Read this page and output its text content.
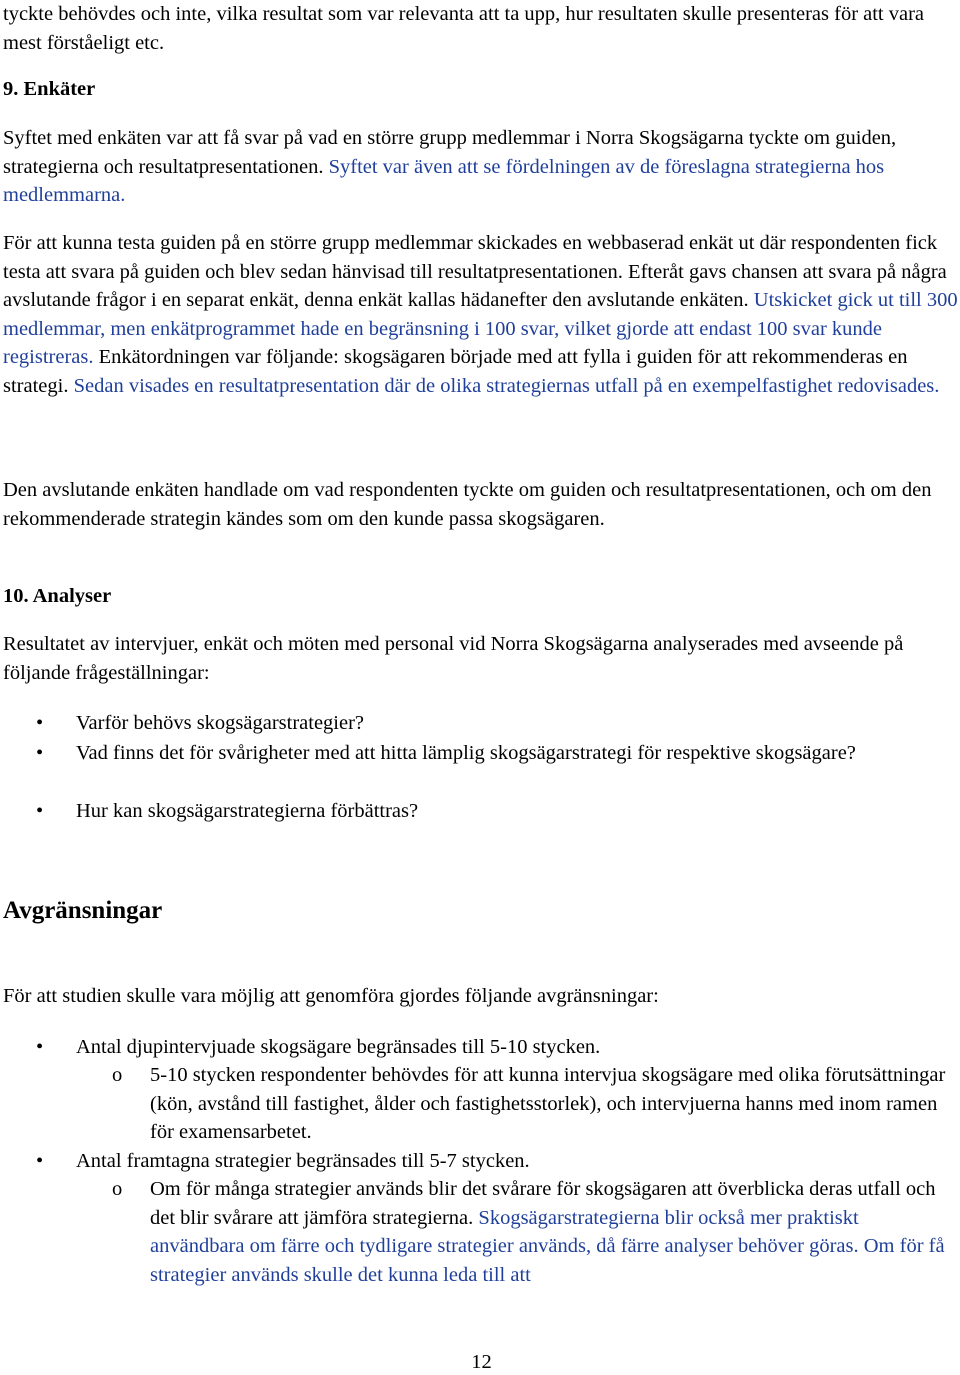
tyckte behövdes och inte, vilka resultat som var relevanta att ta upp, hur resultaten skulle presenteras för att vara mest förståeligt etc.

9. Enkäter

Syftet med enkäten var att få svar på vad en större grupp medlemmar i Norra Skogsägarna tyckte om guiden, strategierna och resultatpresentationen. Syftet var även att se fördelningen av de föreslagna strategierna hos medlemmarna.

För att kunna testa guiden på en större grupp medlemmar skickades en webbaserad enkät ut där respondenten fick testa att svara på guiden och blev sedan hänvisad till resultatpresentationen. Efteråt gavs chansen att svara på några avslutande frågor i en separat enkät, denna enkät kallas hädanefter den avslutande enkäten. Utskicket gick ut till 300 medlemmar, men enkätprogrammet hade en begränsning i 100 svar, vilket gjorde att endast 100 svar kunde registreras. Enkätordningen var följande: skogsägaren började med att fylla i guiden för att rekommenderas en strategi. Sedan visades en resultatpresentation där de olika strategiernas utfall på en exempelfastighet redovisades.

Den avslutande enkäten handlade om vad respondenten tyckte om guiden och resultatpresentationen, och om den rekommenderade strategin kändes som om den kunde passa skogsägaren.

10. Analyser

Resultatet av intervjuer, enkät och möten med personal vid Norra Skogsägarna analyserades med avseende på följande frågeställningar:

• Varför behövs skogsägarstrategier?
• Vad finns det för svårigheter med att hitta lämplig skogsägarstrategi för respektive skogsägare?
• Hur kan skogsägarstrategierna förbättras?
Avgränsningar

För att studien skulle vara möjlig att genomföra gjordes följande avgränsningar:

• Antal djupintervjuade skogsägare begränsades till 5-10 stycken.
o 5-10 stycken respondenter behövdes för att kunna intervjua skogsägare med olika förutsättningar (kön, avstånd till fastighet, ålder och fastighetsstorlek), och intervjuerna hanns med inom ramen för examensarbetet.
• Antal framtagna strategier begränsades till 5-7 stycken.
o Om för många strategier används blir det svårare för skogsägaren att överblicka deras utfall och det blir svårare att jämföra strategierna. Skogsägarstrategierna blir också mer praktiskt användbara om färre och tydligare strategier används, då färre analyser behöver göras. Om för få strategier används skulle det kunna leda till att
12
